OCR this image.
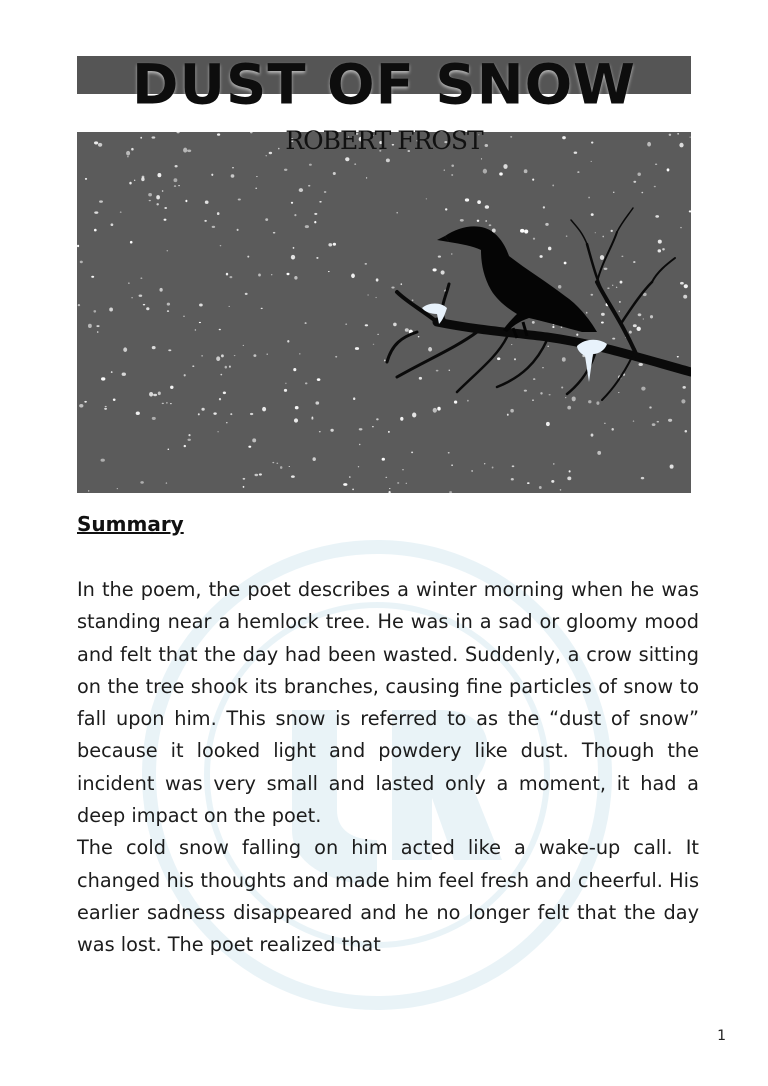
DUST OF SNOW
ROBERT FROST
Summary

In the poem, the poet describes a winter morning when he was standing near a hemlock tree. He was in a sad or gloomy mood and felt that the day had been wasted. Suddenly, a crow sitting on the tree shook its branches, causing fine particles of snow to fall upon him. This snow is referred to as the “dust of snow” because it looked light and powdery like dust. Though the incident was very small and lasted only a moment, it had a deep impact on the poet.

The cold snow falling on him acted like a wake-up call. It changed his thoughts and made him feel fresh and cheerful. His earlier sadness disappeared and he no longer felt that the day was lost. The poet realized that

1
